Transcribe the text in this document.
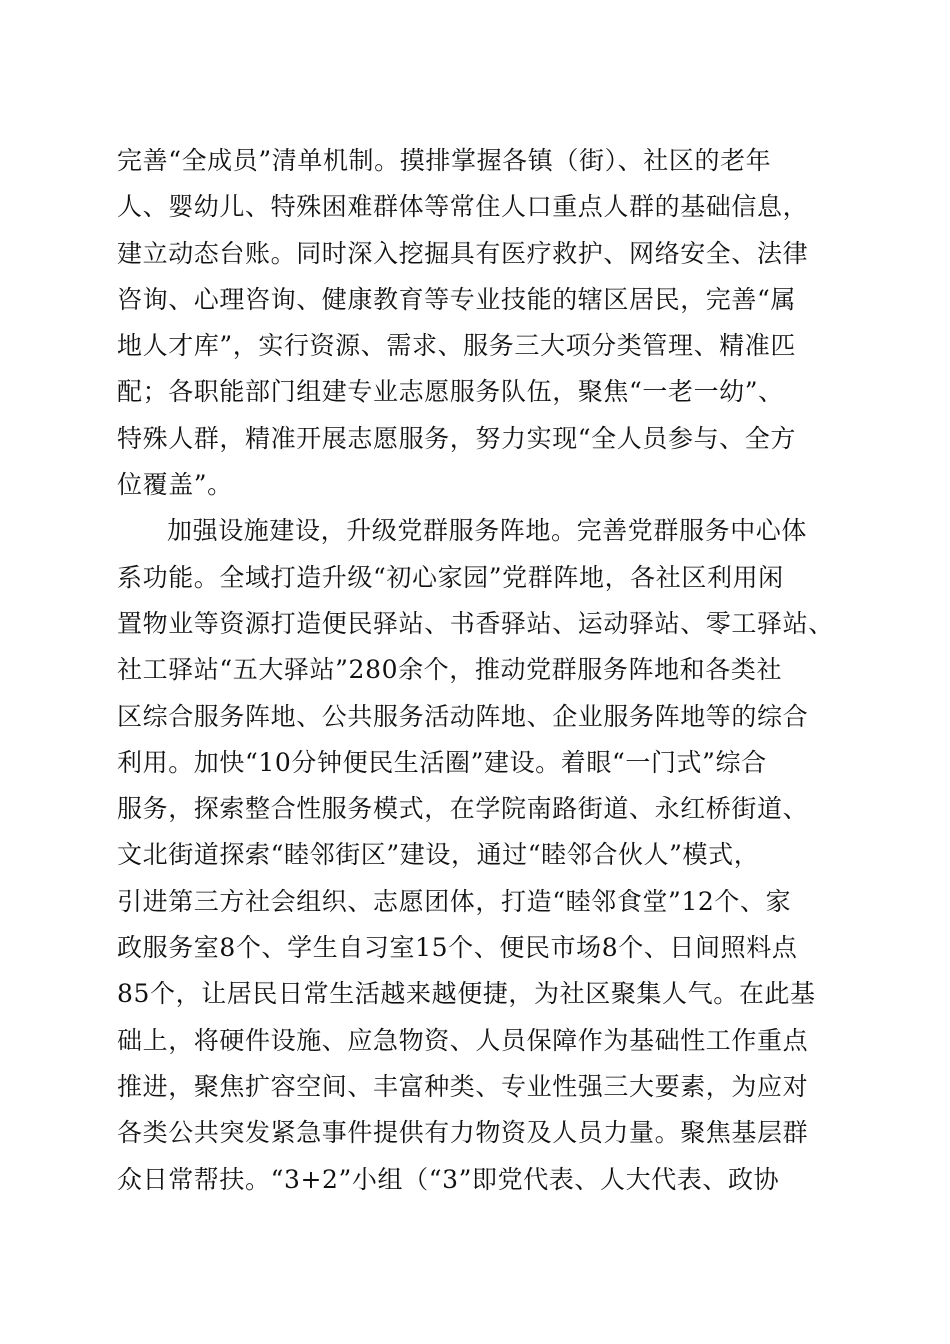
完善“全成员”清单机制。摸排掌握各镇（街）、社区的老年
人、婴幼儿、特殊困难群体等常住人口重点人群的基础信息，
建立动态台账。同时深入挖掘具有医疗救护、网络安全、法律
咨询、心理咨询、健康教育等专业技能的辖区居民，完善“属
地人才库”，实行资源、需求、服务三大项分类管理、精准匹
配；各职能部门组建专业志愿服务队伍，聚焦“一老一幼”、
特殊人群，精准开展志愿服务，努力实现“全人员参与、全方
位覆盖”。
加强设施建设，升级党群服务阵地。完善党群服务中心体
系功能。全域打造升级“初心家园”党群阵地，各社区利用闲
置物业等资源打造便民驿站、书香驿站、运动驿站、零工驿站、
社工驿站“五大驿站”280余个，推动党群服务阵地和各类社
区综合服务阵地、公共服务活动阵地、企业服务阵地等的综合
利用。加快“10分钟便民生活圈”建设。着眼“一门式”综合
服务，探索整合性服务模式，在学院南路街道、永红桥街道、
文北街道探索“睦邻街区”建设，通过“睦邻合伙人”模式，
引进第三方社会组织、志愿团体，打造“睦邻食堂”12个、家
政服务室8个、学生自习室15个、便民市场8个、日间照料点
85个，让居民日常生活越来越便捷，为社区聚集人气。在此基
础上，将硬件设施、应急物资、人员保障作为基础性工作重点
推进，聚焦扩容空间、丰富种类、专业性强三大要素，为应对
各类公共突发紧急事件提供有力物资及人员力量。聚焦基层群
众日常帮扶。“3+2”小组（“3”即党代表、人大代表、政协
